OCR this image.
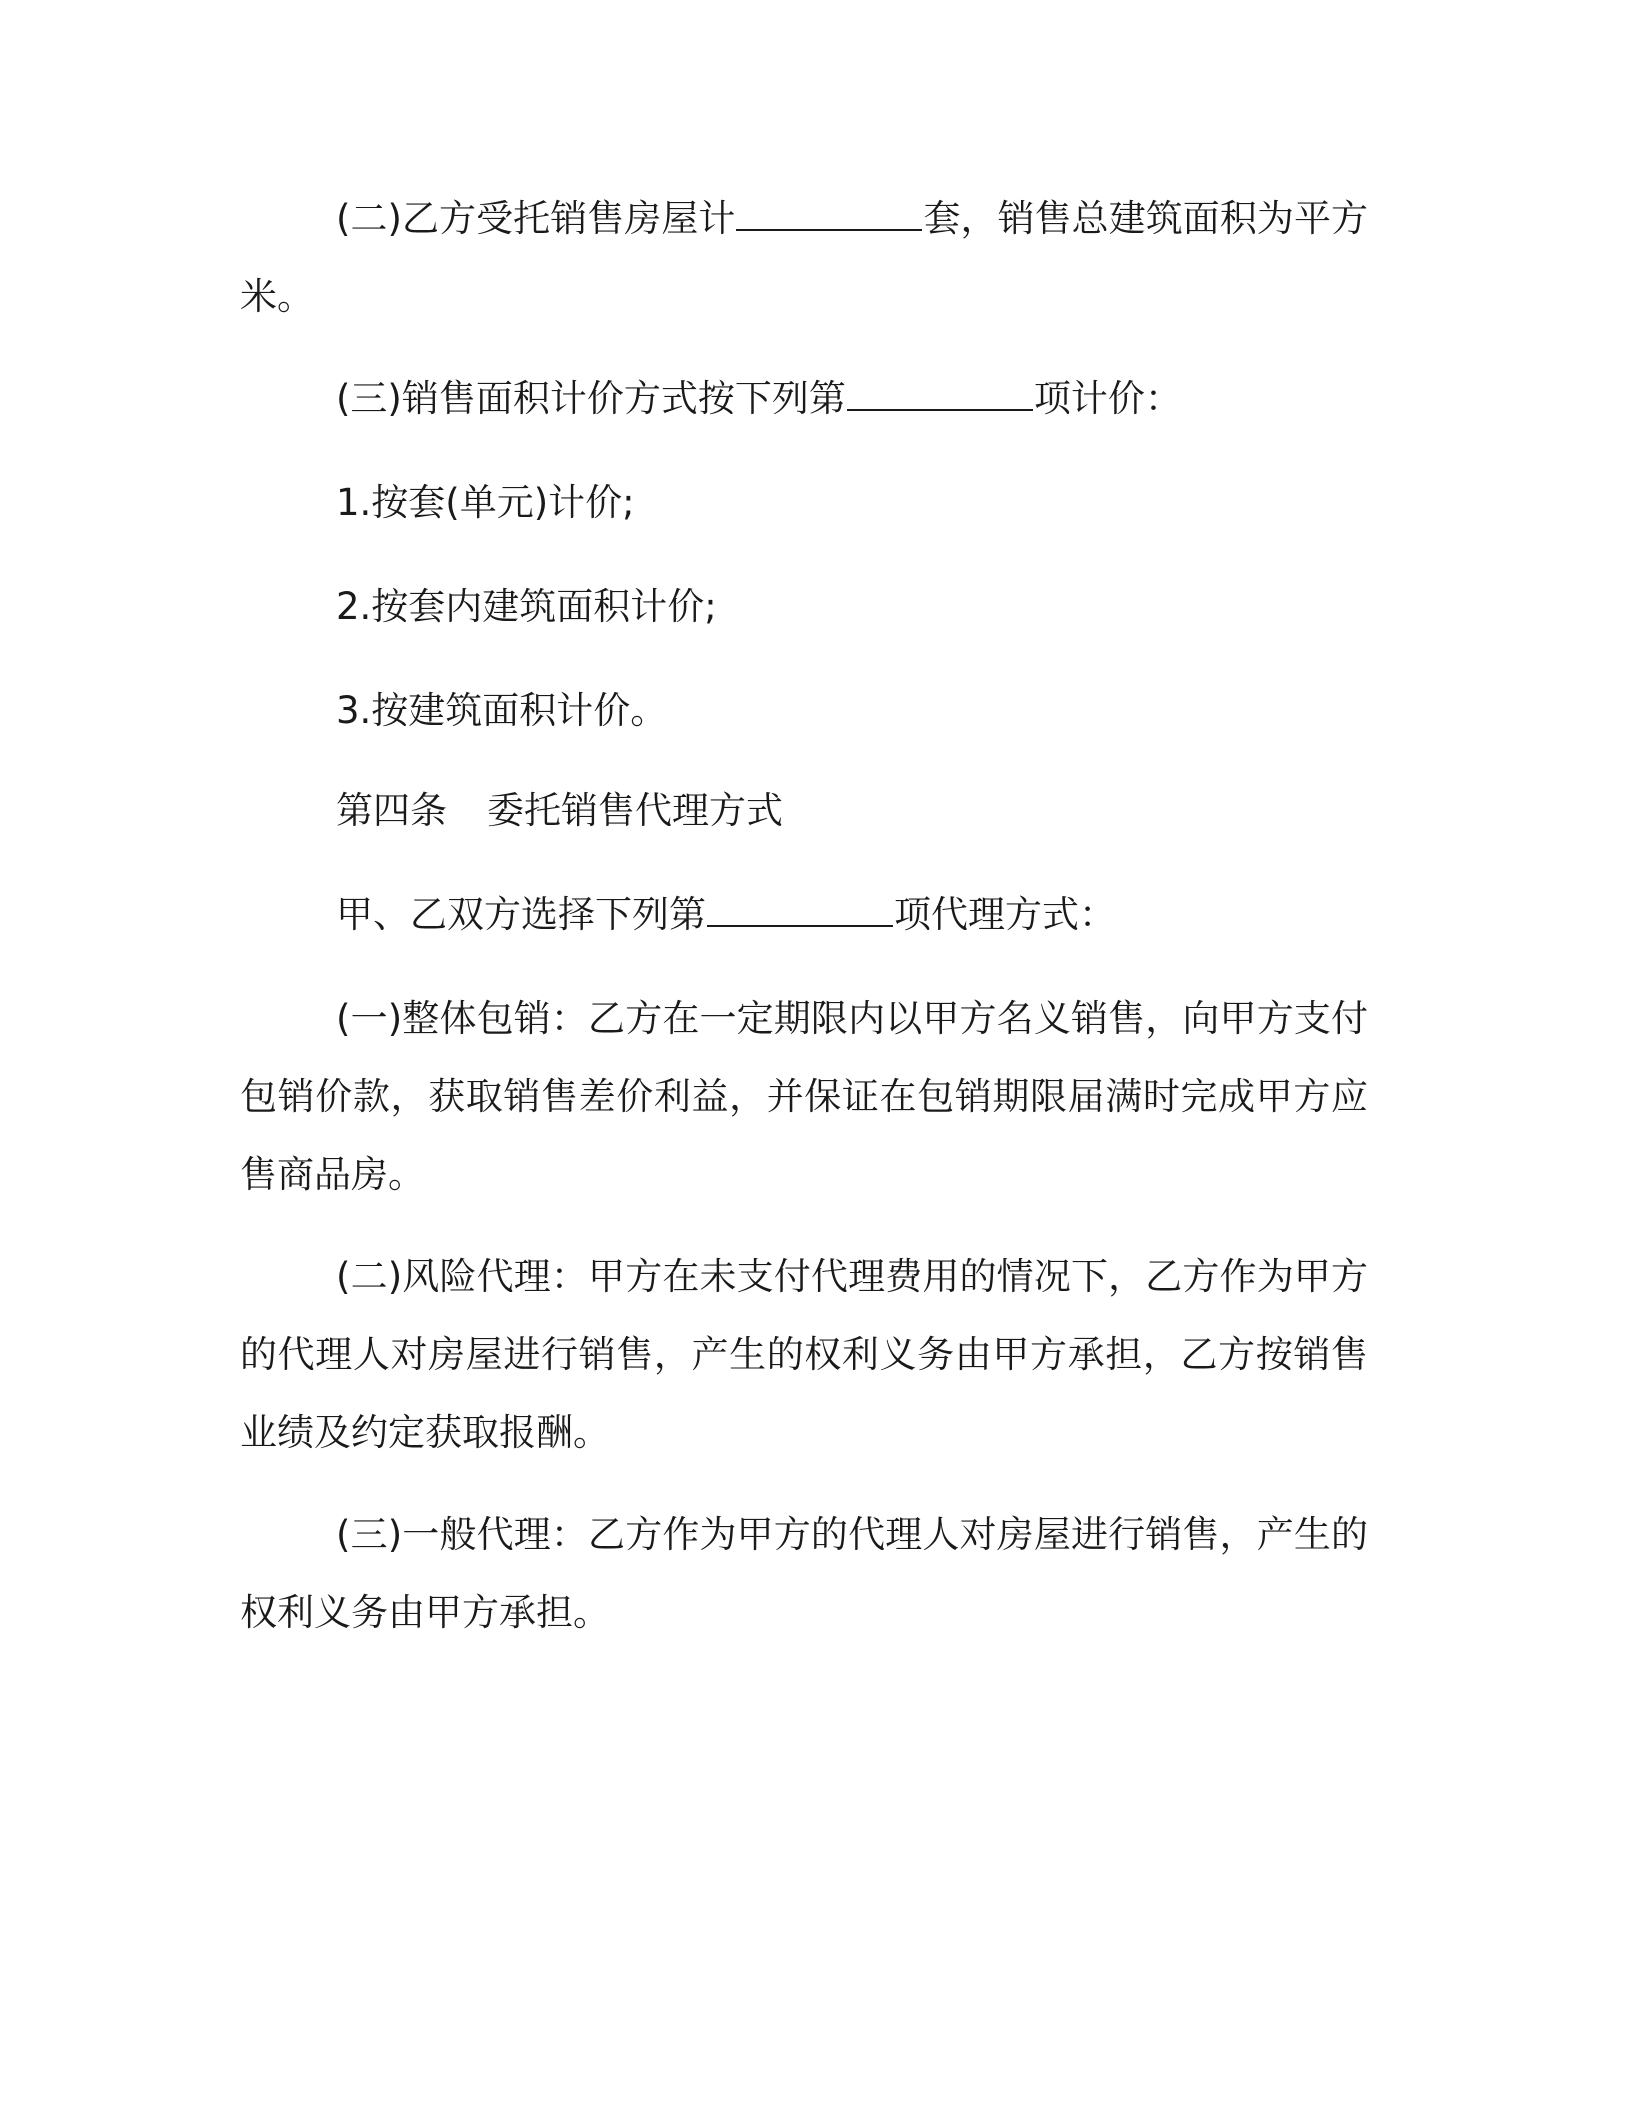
(二)乙方受托销售房屋计	套，销售总建筑面积为平方米。

(三)销售面积计价方式按下列第	项计价：

1.按套(单元)计价;

2.按套内建筑面积计价;

3.按建筑面积计价。

第四条 委托销售代理方式

甲、乙双方选择下列第	项代理方式：

(一)整体包销：乙方在一定期限内以甲方名义销售，向甲方支付包销价款，获取销售差价利益，并保证在包销期限届满时完成甲方应售商品房。

(二)风险代理：甲方在未支付代理费用的情况下，乙方作为甲方的代理人对房屋进行销售，产生的权利义务由甲方承担，乙方按销售业绩及约定获取报酬。

(三)一般代理：乙方作为甲方的代理人对房屋进行销售，产生的权利义务由甲方承担。
